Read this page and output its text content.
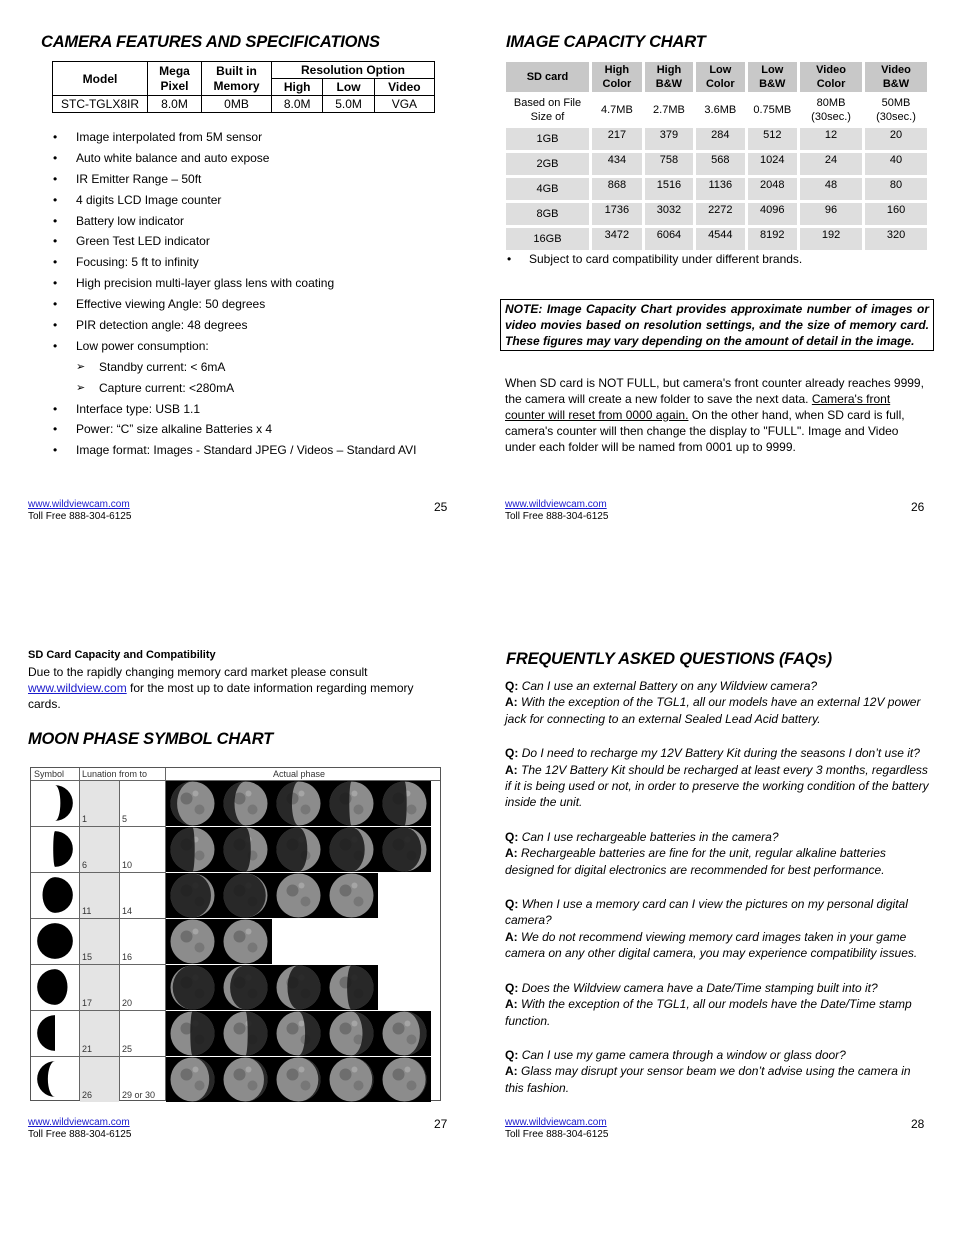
CAMERA FEATURES AND SPECIFICATIONS
Model	Mega Pixel	Built in Memory	Resolution Option		
			High	Low	Video
STC-TGLX8IR	8.0M	0MB	8.0M	5.0M	VGA
• Image interpolated from 5M sensor
• Auto white balance and auto expose
• IR Emitter Range – 50ft
• 4 digits LCD Image counter
• Battery low indicator
• Green Test LED indicator
• Focusing: 5 ft to infinity
• High precision multi-layer glass lens with coating
• Effective viewing Angle: 50 degrees
• PIR detection angle: 48 degrees
• Low power consumption:
➢ Standby current: < 6mA
➢ Capture current: <280mA
• Interface type: USB 1.1
• Power: “C” size alkaline Batteries x 4
• Image format: Images - Standard JPEG / Videos – Standard AVI
www.wildviewcam.com
Toll Free 888-304-6125
25
IMAGE CAPACITY CHART
SD card	High Color	High B&W	Low Color	Low B&W	Video Color	Video B&W
Based on File Size of	4.7MB	2.7MB	3.6MB	0.75MB	80MB (30sec.)	50MB (30sec.)
1GB	217	379	284	512	12	20
2GB	434	758	568	1024	24	40
4GB	868	1516	1136	2048	48	80
8GB	1736	3032	2272	4096	96	160
16GB	3472	6064	4544	8192	192	320
• Subject to card compatibility under different brands.
NOTE: Image Capacity Chart provides approximate number of images or video movies based on resolution settings, and the size of memory card. These figures may vary depending on the amount of detail in the image.

When SD card is NOT FULL, but camera's front counter already reaches 9999, the camera will create a new folder to save the next data. Camera's front counter will reset from 0000 again. On the other hand, when SD card is full, camera's counter will then change the display to "FULL". Image and Video under each folder will be named from 0001 up to 9999.

www.wildviewcam.com
Toll Free 888-304-6125
26
SD Card Capacity and Compatibility

Due to the rapidly changing memory card market please consult www.wildview.com for the most up to date information regarding memory cards.

MOON PHASE SYMBOL CHART
Symbol Lunation from to	Actual phase
1	5
6	10
11	14
15	16
17	20
21	25
26	29 or 30
www.wildviewcam.com
Toll Free 888-304-6125
27
FREQUENTLY ASKED QUESTIONS (FAQs)

Q: Can I use an external Battery on any Wildview camera?

A: With the exception of the TGL1, all our models have an external 12V power jack for connecting to an external Sealed Lead Acid battery.

Q: Do I need to recharge my 12V Battery Kit during the seasons I don’t use it?

A: The 12V Battery Kit should be recharged at least every 3 months, regardless if it is being used or not, in order to preserve the working condition of the battery inside the unit.

Q: Can I use rechargeable batteries in the camera?

A: Rechargeable batteries are fine for the unit, regular alkaline batteries designed for digital electronics are recommended for best performance.

Q: When I use a memory card can I view the pictures on my personal digital camera?

A: We do not recommend viewing memory card images taken in your game camera on any other digital camera, you may experience compatibility issues.

Q: Does the Wildview camera have a Date/Time stamping built into it?

A: With the exception of the TGL1, all our models have the Date/Time stamp function.

Q: Can I use my game camera through a window or glass door?

A: Glass may disrupt your sensor beam we don’t advise using the camera in this fashion.

www.wildviewcam.com
Toll Free 888-304-6125
28
